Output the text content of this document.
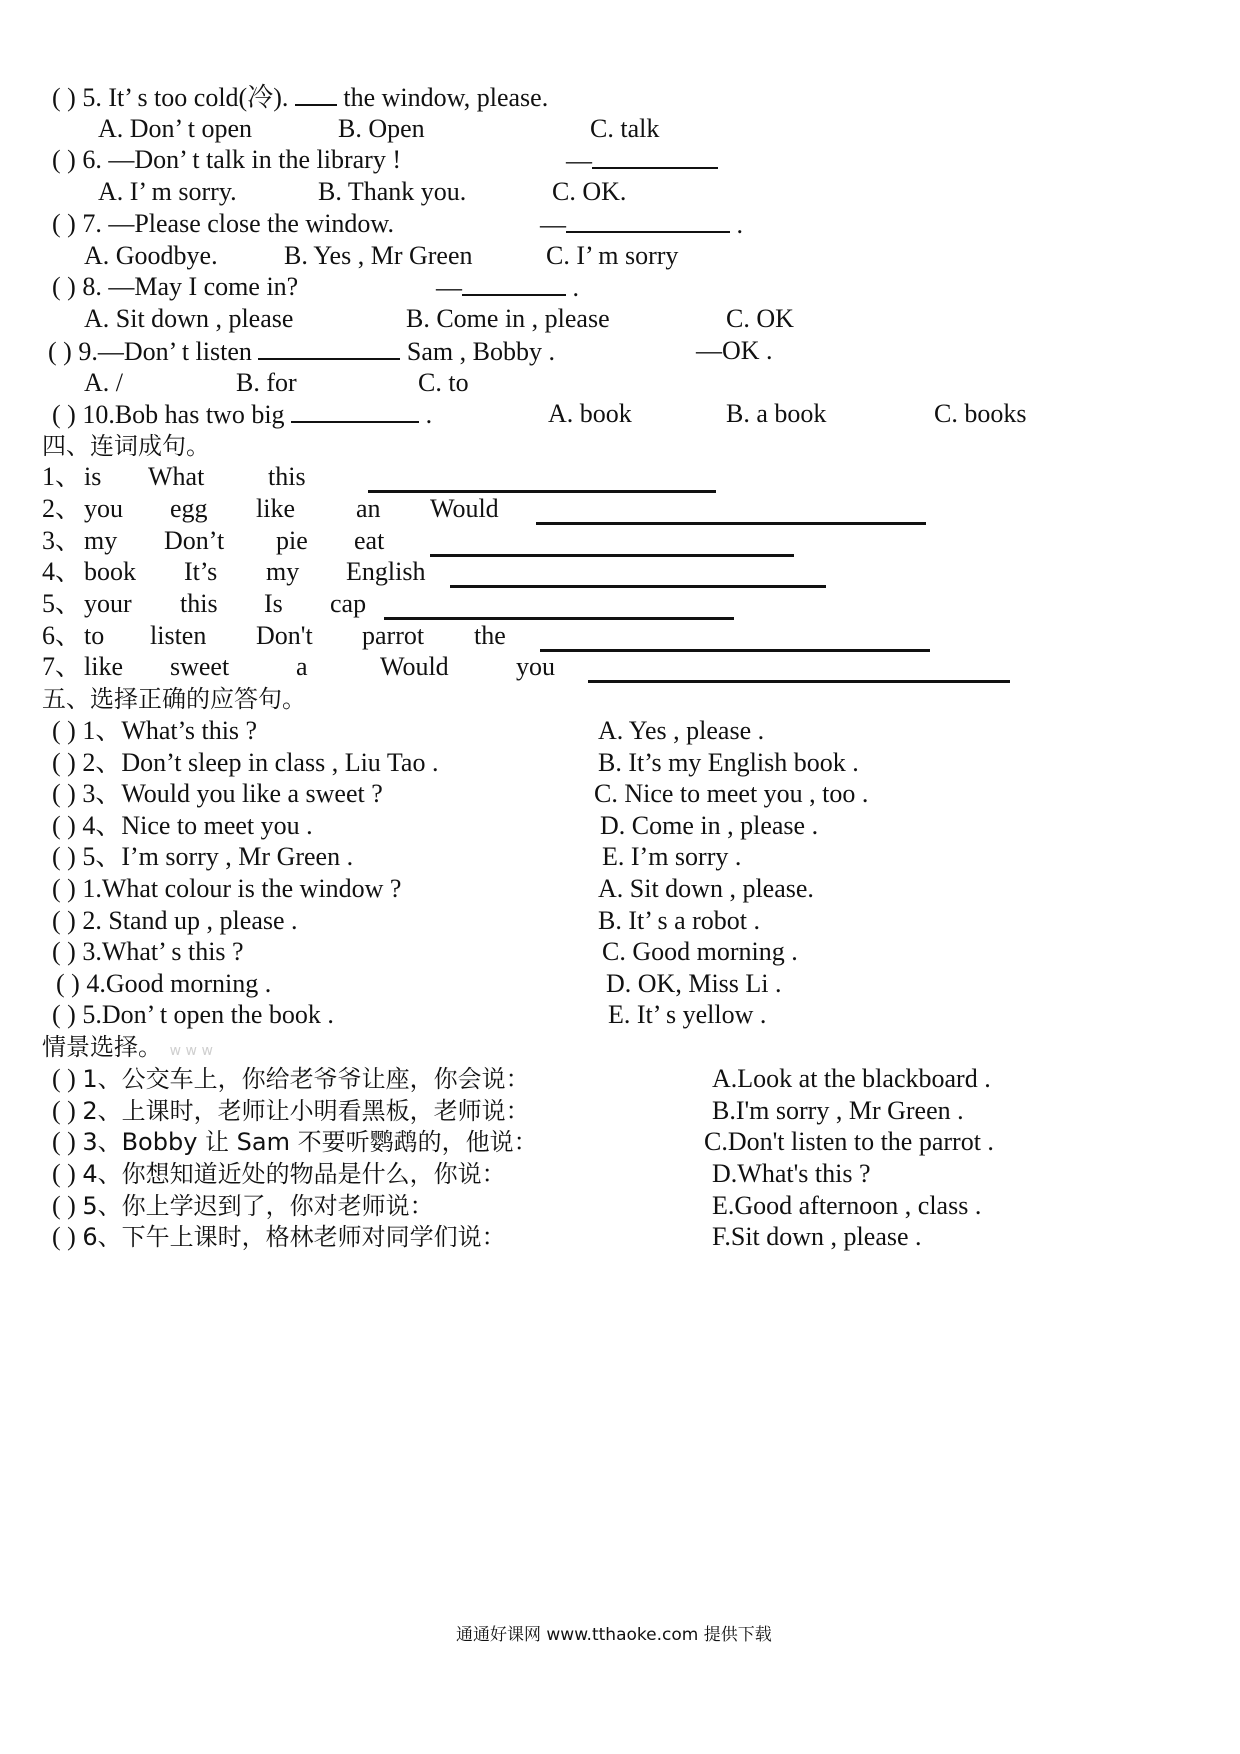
( ) 5. It’ s too cold(冷).  the window, please.
A. Don’ t open	B. Open	C. talk
( ) 6. —Don’ t talk in the library !	—
A. I’ m sorry.	B. Thank you.	C. OK.
( ) 7. —Please close the window.	—	.
A. Goodbye.	B. Yes , Mr Green	C. I’ m sorry
( ) 8. —May I come in?	—	.
A. Sit down , please	B. Come in , please	C. OK
( ) 9.—Don’ t listen	Sam , Bobby .	—OK .
A. /	B. for	C. to
( ) 10.Bob has two big	.	A. book	B. a book	C. books
四、连词成句。
1、 is What this
2、 you egg like an Would
3、 my Don’t pie eat
4、 book It’s my English
5、 your this Is cap
6、 to listen Don't parrot the
7、 like sweet	a	Would	you
五、选择正确的应答句。
( ) 1、What’s this ?	A. Yes , please .
( ) 2、Don’t sleep in class , Liu Tao .	B. It’s my English book .
( ) 3、Would you like a sweet ?	C. Nice to meet you , too .
( ) 4、Nice to meet you .	D. Come in , please .
( ) 5、I’m sorry , Mr Green .	E. I’m sorry .
( ) 1.What colour is the window ?	A. Sit down , please.
( ) 2. Stand up , please .	B. It’ s a robot .
( ) 3.What’ s this ?	C. Good morning .
( ) 4.Good morning .	D. OK, Miss Li .
( ) 5.Don’ t open the book .	E. It’ s yellow .
情景选择。 w w w
( ) 1、公交车上，你给老爷爷让座，你会说：	A.Look at the blackboard .
( ) 2、上课时，老师让小明看黑板，老师说：	B.I'm sorry , Mr Green .
( ) 3、Bobby 让 Sam 不要听鹦鹉的，他说：	C.Don't listen to the parrot .
( ) 4、你想知道近处的物品是什么，你说：	D.What's this ?
( ) 5、你上学迟到了，你对老师说：	E.Good afternoon , class .
( ) 6、下午上课时，格林老师对同学们说：	F.Sit down , please .
通通好课网 www.tthaoke.com 提供下载
